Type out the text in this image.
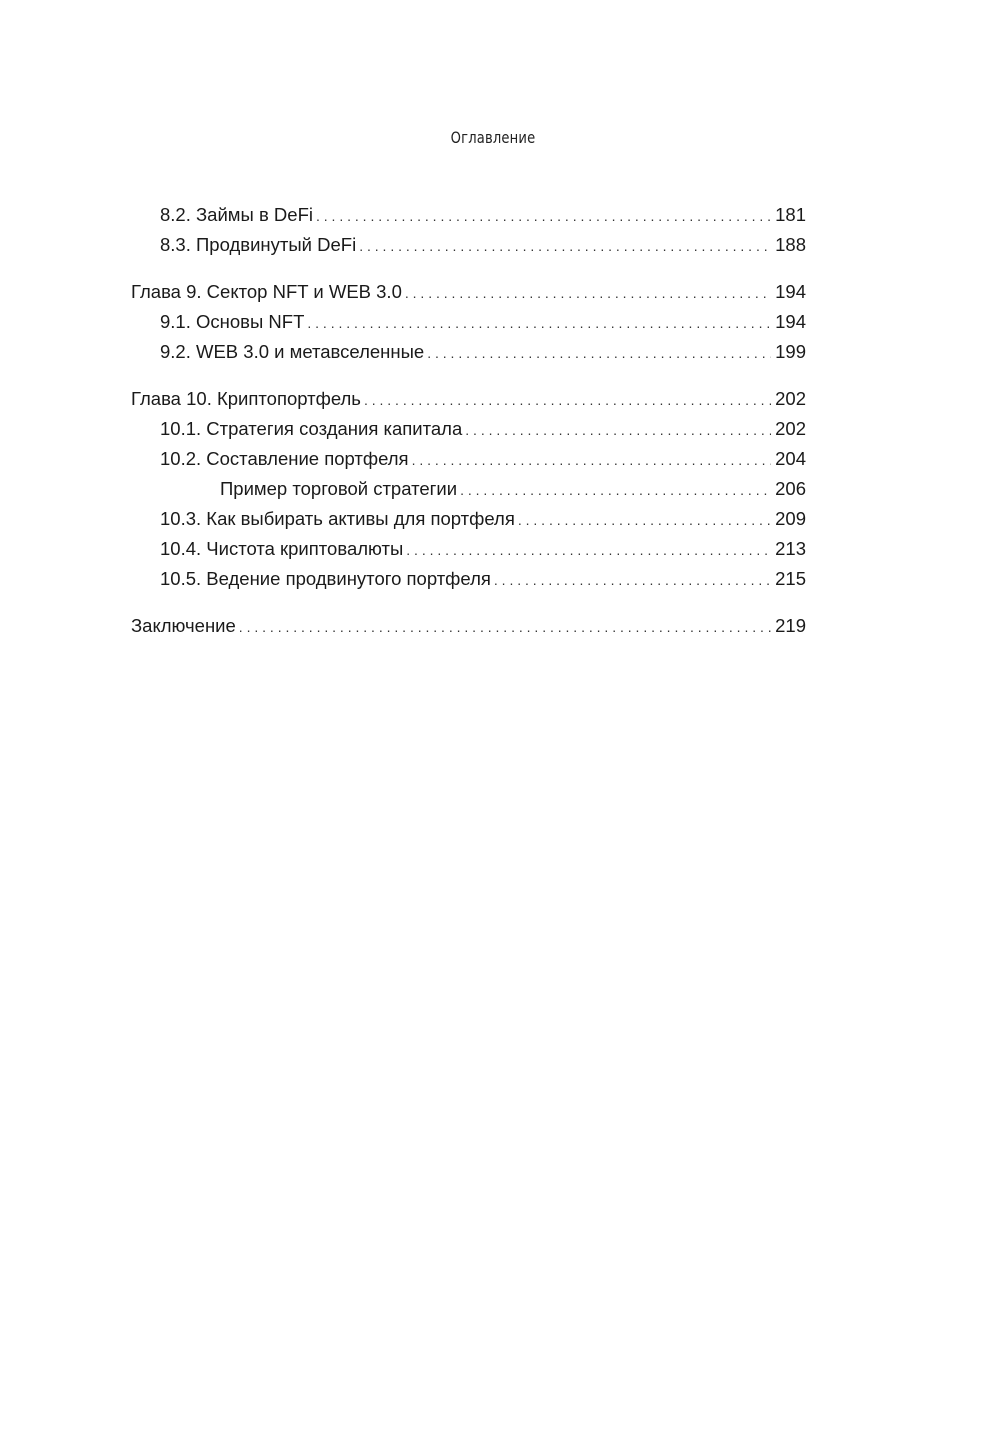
Оглавление
8.2. Займы в DeFi . . .	181
8.3. Продвинутый DeFi . . .	188
Глава 9. Сектор NFT и WEB 3.0 . . .	194
9.1. Основы NFT . . .	194
9.2. WEB 3.0 и метавселенные . . .	199
Глава 10. Криптопортфель . . .	202
10.1. Стратегия создания капитала . . .	202
10.2. Составление портфеля . . .	204
Пример торговой стратегии . . .	206
10.3. Как выбирать активы для портфеля . . .	209
10.4. Чистота криптовалюты . . .	213
10.5. Ведение продвинутого портфеля . . .	215
Заключение . . .	219
